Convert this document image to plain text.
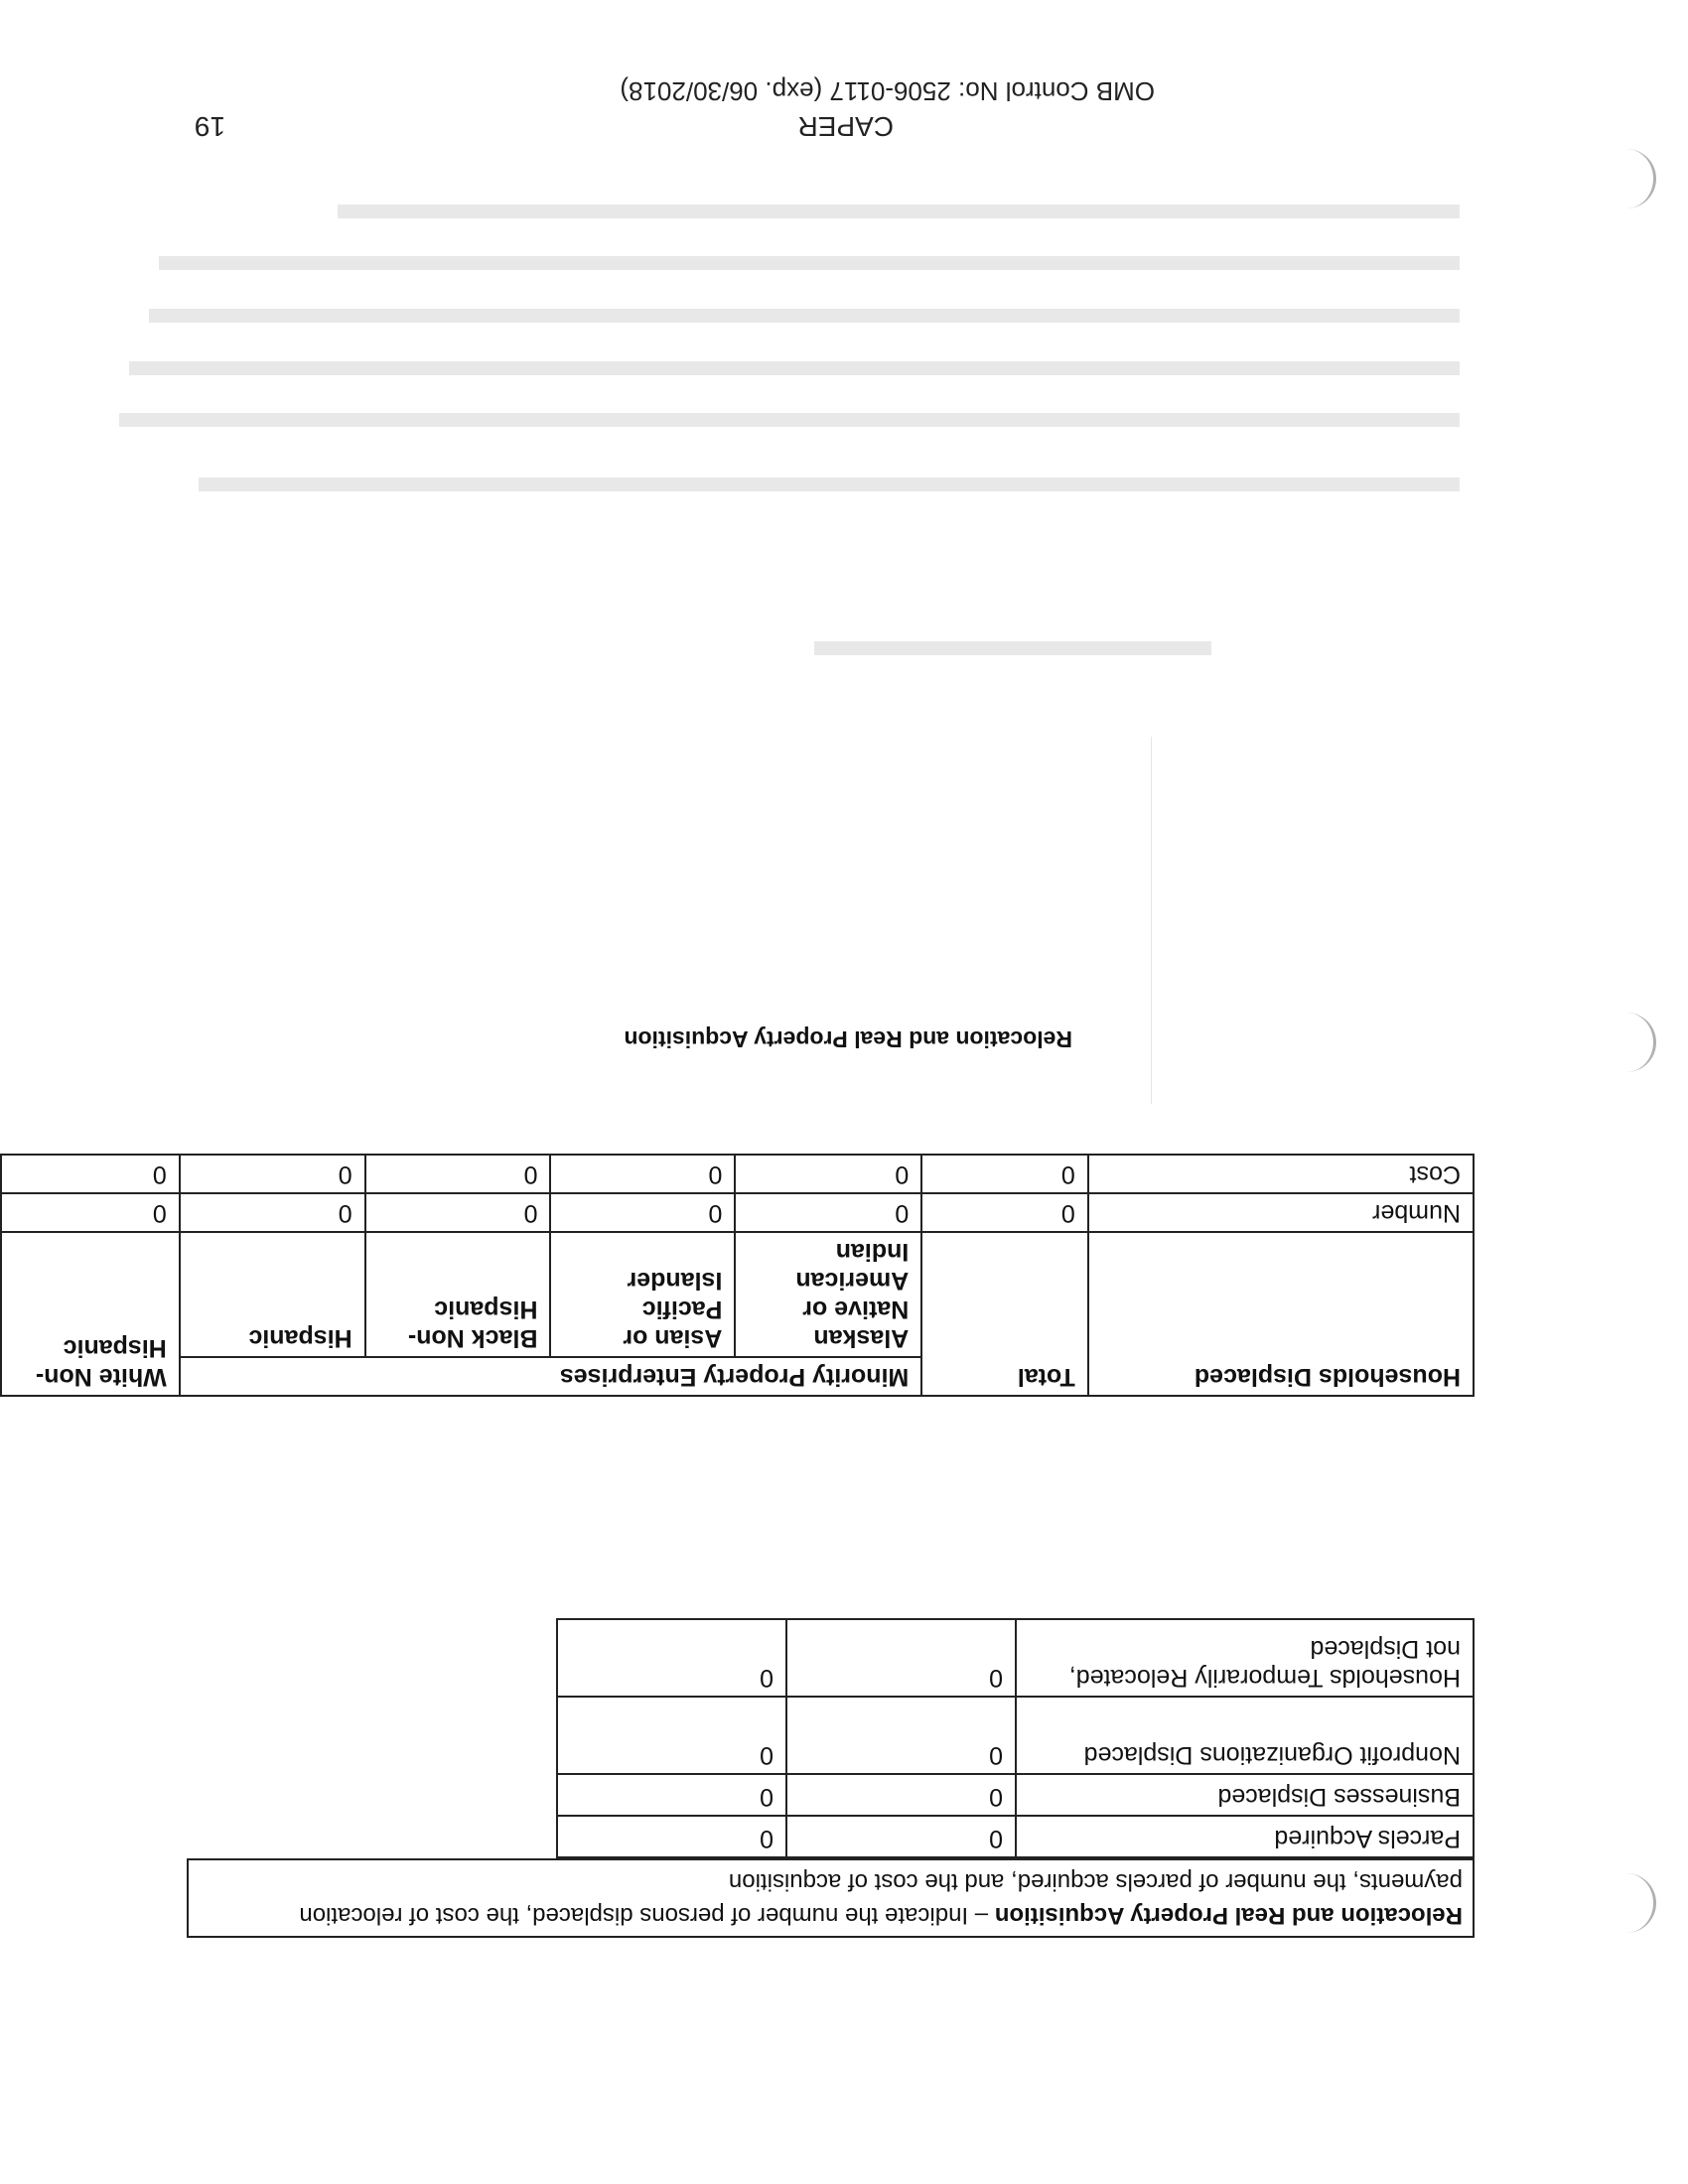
OMB Control No: 2506-0117 (exp. 06/30/2018)
CAPER
19
Relocation and Real Property Acquisition – Indicate the number of persons displaced, the cost of relocation payments, the number of parcels acquired, and the cost of acquisition
Parcels Acquired	0	0
Businesses Displaced	0	0
Nonprofit Organizations Displaced	0	0
Households Temporarily Relocated, not Displaced	0	0
Households Displaced	Total	Minority Property Enterprises				White Non-Hispanic
		Alaskan Native or American Indian	Asian or Pacific Islander	Black Non-Hispanic	Hispanic	
Number	0	0	0	0	0	0
Cost	0	0	0	0	0	0
Relocation and Real Property Acquisition
